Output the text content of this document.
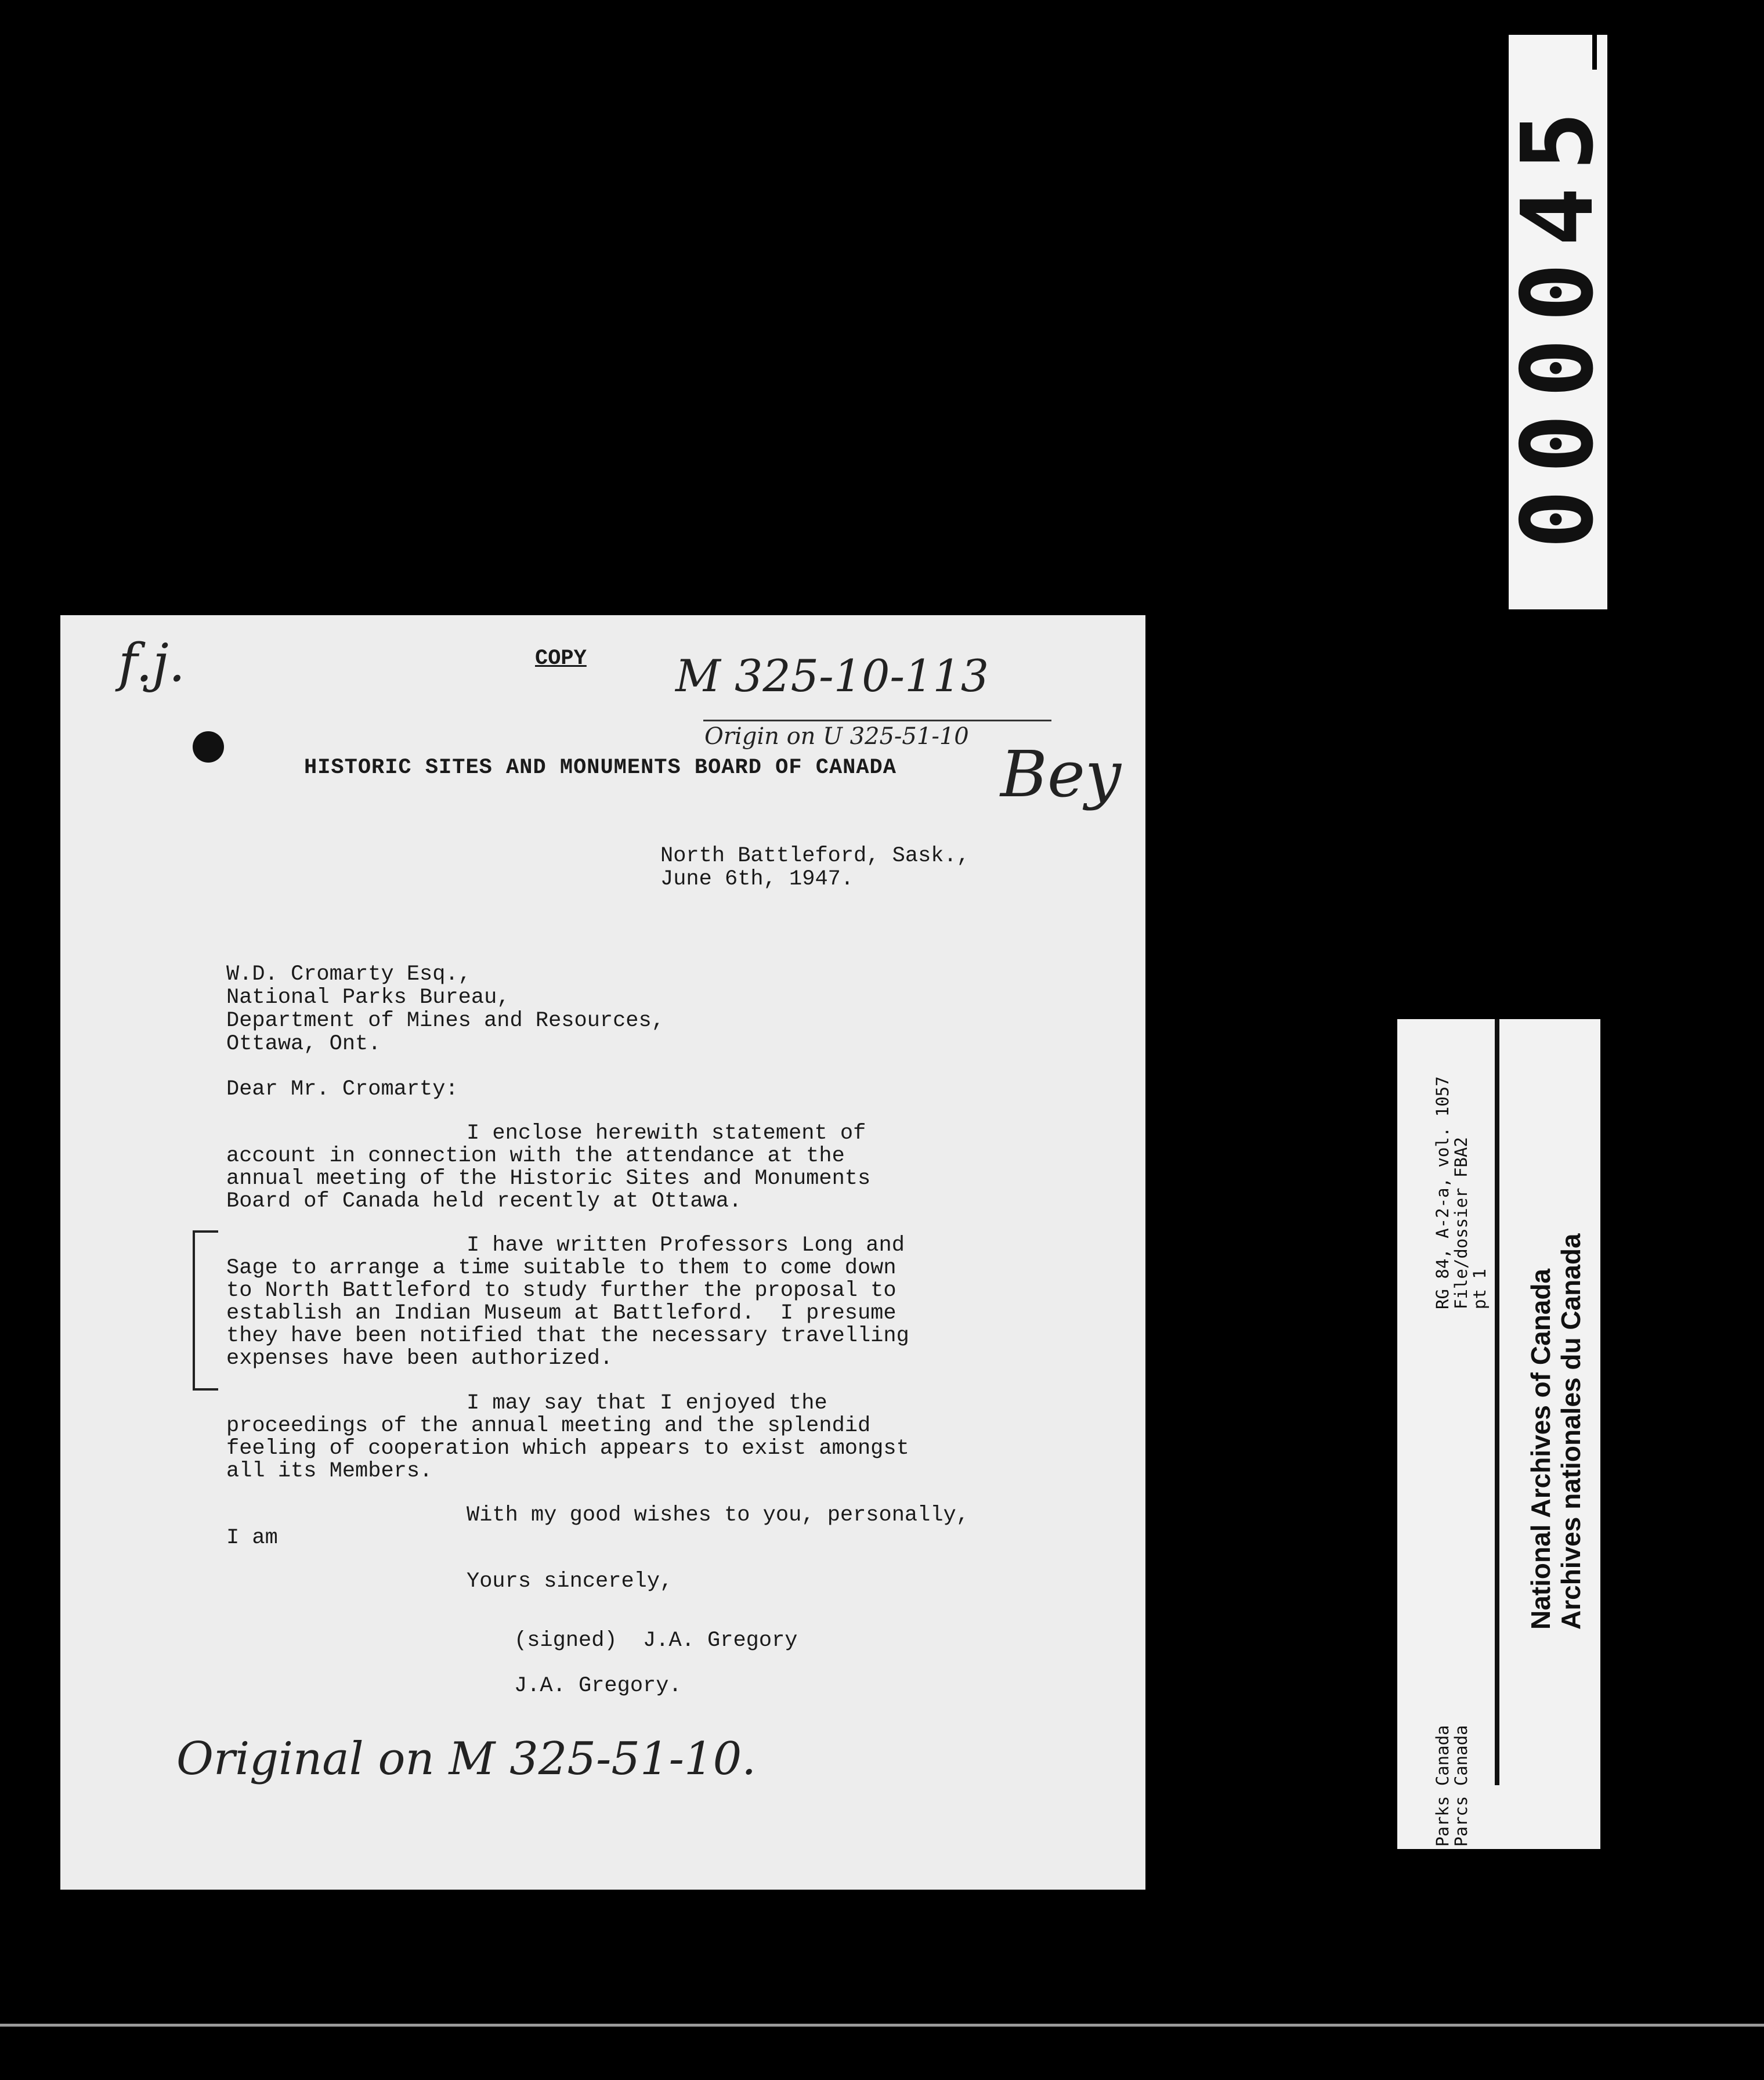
000045
RG 84, A-2-a, vol. 1057
File/dossier FBA2
pt 1
Parks Canada
Parcs Canada
National Archives of Canada Archives nationales du Canada
f.j.	COPY M 325-10-113
Origin on U 325-51-10
HISTORIC SITES AND MONUMENTS BOARD OF CANADA Bey
North Battleford, Sask.,
June 6th, 1947.
W.D. Cromarty Esq.,
National Parks Bureau,
Department of Mines and Resources,
Ottawa, Ont.
Dear Mr. Cromarty:
I enclose herewith statement of
account in connection with the attendance at the
annual meeting of the Historic Sites and Monuments
Board of Canada held recently at Ottawa.
I have written Professors Long and
Sage to arrange a time suitable to them to come down
to North Battleford to study further the proposal to
establish an Indian Museum at Battleford.  I presume
they have been notified that the necessary travelling
expenses have been authorized.
I may say that I enjoyed the
proceedings of the annual meeting and the splendid
feeling of cooperation which appears to exist amongst
all its Members.
With my good wishes to you, personally,
I am
Yours sincerely,
(signed)  J.A. Gregory
J.A. Gregory.
Original on M 325-51-10.
